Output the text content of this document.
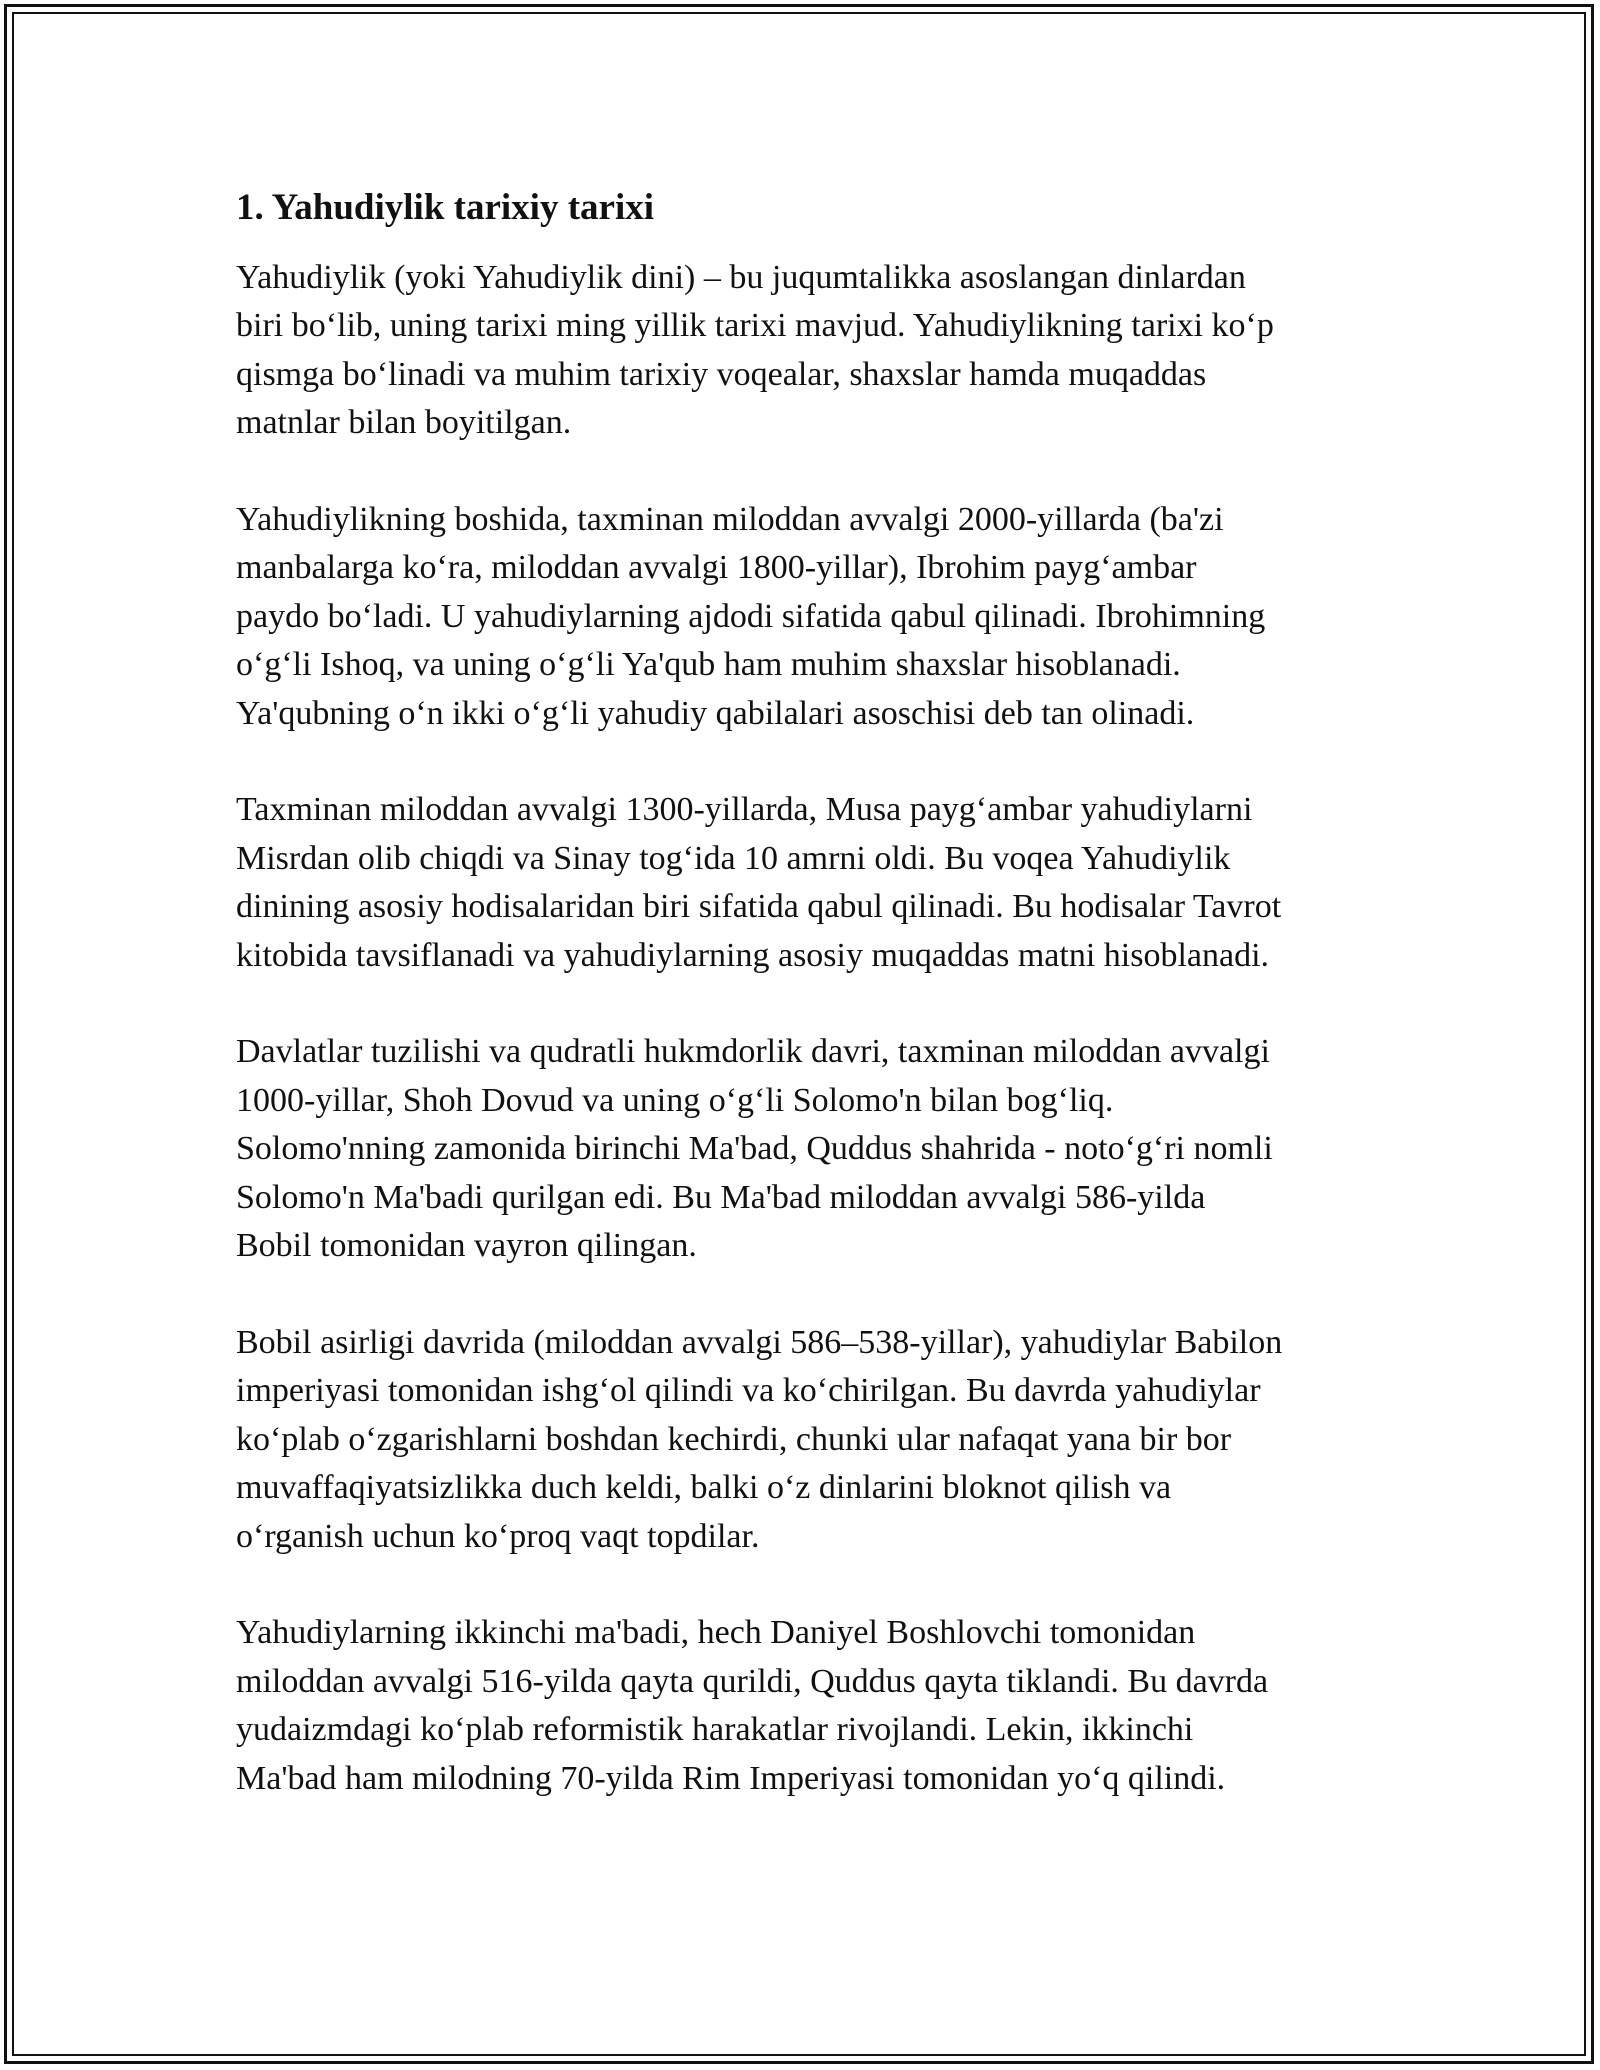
1. Yahudiylik tarixiy tarixi

Yahudiylik (yoki Yahudiylik dini) – bu juqumtalikka asoslangan dinlardan
biri bo‘lib, uning tarixi ming yillik tarixi mavjud. Yahudiylikning tarixi ko‘p
qismga bo‘linadi va muhim tarixiy voqealar, shaxslar hamda muqaddas
matnlar bilan boyitilgan.

Yahudiylikning boshida, taxminan miloddan avvalgi 2000-yillarda (ba'zi
manbalarga ko‘ra, miloddan avvalgi 1800-yillar), Ibrohim payg‘ambar
paydo bo‘ladi. U yahudiylarning ajdodi sifatida qabul qilinadi. Ibrohimning
o‘g‘li Ishoq, va uning o‘g‘li Ya'qub ham muhim shaxslar hisoblanadi.
Ya'qubning o‘n ikki o‘g‘li yahudiy qabilalari asoschisi deb tan olinadi.

Taxminan miloddan avvalgi 1300-yillarda, Musa payg‘ambar yahudiylarni
Misrdan olib chiqdi va Sinay tog‘ida 10 amrni oldi. Bu voqea Yahudiylik
dinining asosiy hodisalaridan biri sifatida qabul qilinadi. Bu hodisalar Tavrot
kitobida tavsiflanadi va yahudiylarning asosiy muqaddas matni hisoblanadi.

Davlatlar tuzilishi va qudratli hukmdorlik davri, taxminan miloddan avvalgi
1000-yillar, Shoh Dovud va uning o‘g‘li Solomo'n bilan bog‘liq.
Solomo'nning zamonida birinchi Ma'bad, Quddus shahrida - noto‘g‘ri nomli
Solomo'n Ma'badi qurilgan edi. Bu Ma'bad miloddan avvalgi 586-yilda
Bobil tomonidan vayron qilingan.

Bobil asirligi davrida (miloddan avvalgi 586–538-yillar), yahudiylar Babilon
imperiyasi tomonidan ishg‘ol qilindi va ko‘chirilgan. Bu davrda yahudiylar
ko‘plab o‘zgarishlarni boshdan kechirdi, chunki ular nafaqat yana bir bor
muvaffaqiyatsizlikka duch keldi, balki o‘z dinlarini bloknot qilish va
o‘rganish uchun ko‘proq vaqt topdilar.

Yahudiylarning ikkinchi ma'badi, hech Daniyel Boshlovchi tomonidan
miloddan avvalgi 516-yilda qayta qurildi, Quddus qayta tiklandi. Bu davrda
yudaizmdagi ko‘plab reformistik harakatlar rivojlandi. Lekin, ikkinchi
Ma'bad ham milodning 70-yilda Rim Imperiyasi tomonidan yo‘q qilindi.
